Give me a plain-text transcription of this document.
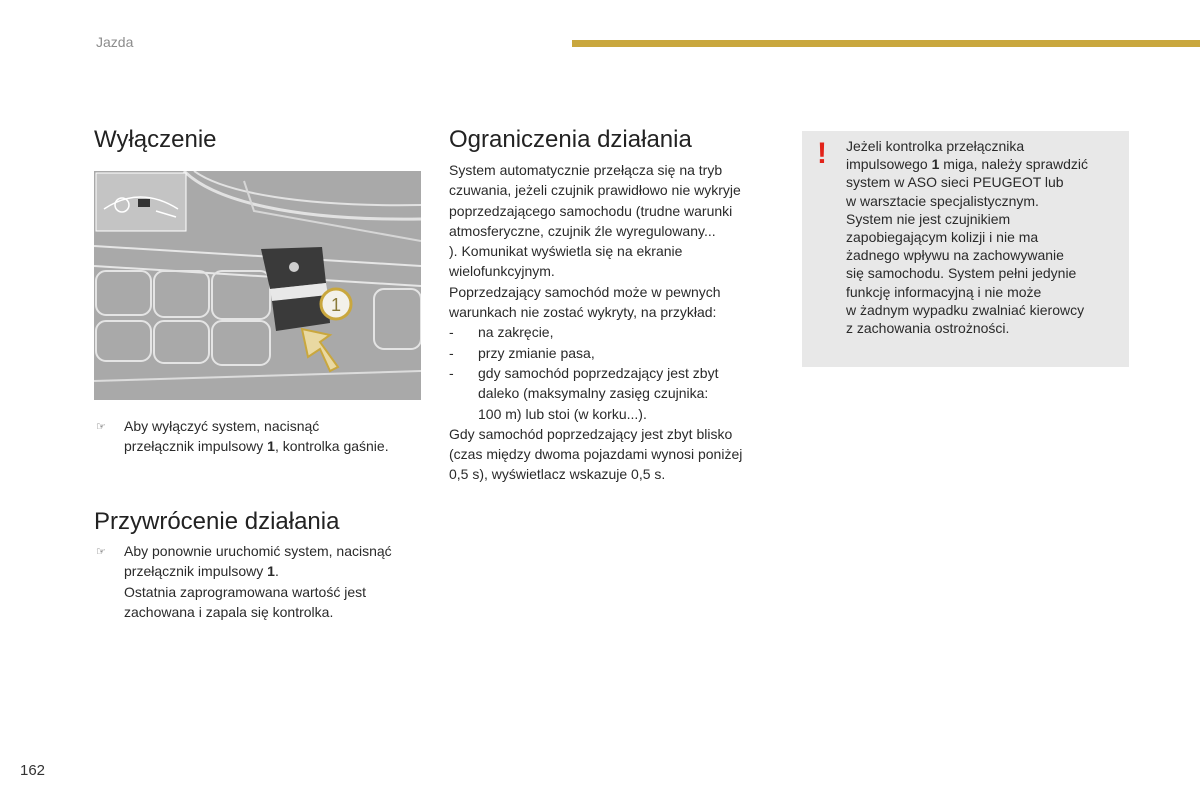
Jazda
Wyłączenie
1
☞ Aby wyłączyć system, nacisnąć
przełącznik impulsowy 1, kontrolka gaśnie.
Przywrócenie działania
☞ Aby ponownie uruchomić system, nacisnąć
przełącznik impulsowy 1.
Ostatnia zaprogramowana wartość jest
zachowana i zapala się kontrolka.
Ograniczenia działania
System automatycznie przełącza się na tryb
czuwania, jeżeli czujnik prawidłowo nie wykryje
poprzedzającego samochodu (trudne warunki
atmosferyczne, czujnik źle wyregulowany...
). Komunikat wyświetla się na ekranie
wielofunkcyjnym.
Poprzedzający samochód może w pewnych
warunkach nie zostać wykryty, na przykład:
- na zakręcie,
- przy zmianie pasa,
- gdy samochód poprzedzający jest zbyt
daleko (maksymalny zasięg czujnika:
100 m) lub stoi (w korku...).
Gdy samochód poprzedzający jest zbyt blisko
(czas między dwoma pojazdami wynosi poniżej
0,5 s), wyświetlacz wskazuje 0,5 s.
! Jeżeli kontrolka przełącznika
impulsowego 1 miga, należy sprawdzić
system w ASO sieci PEUGEOT lub
w warsztacie specjalistycznym.
System nie jest czujnikiem
zapobiegającym kolizji i nie ma
żadnego wpływu na zachowywanie
się samochodu. System pełni jedynie
funkcję informacyjną i nie może
w żadnym wypadku zwalniać kierowcy
z zachowania ostrożności.
162
